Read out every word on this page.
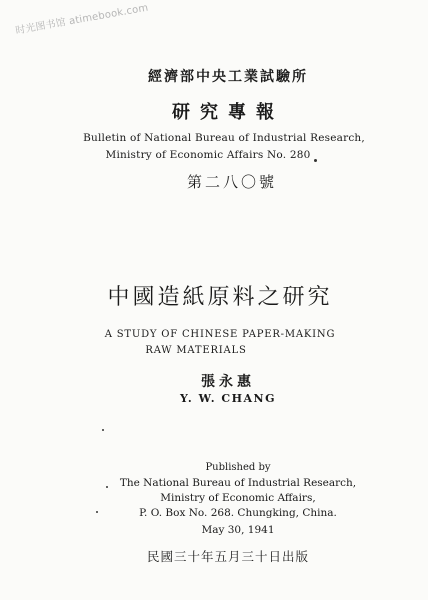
时光图书馆 atimebook.com
經濟部中央工業試驗所
研究專報
Bulletin of National Bureau of Industrial Research,
Ministry of Economic Affairs No. 280
第二八〇號
中國造紙原料之研究
A STUDY OF CHINESE PAPER-MAKING
RAW MATERIALS
張永惠
Y. W. CHANG
Published by
The National Bureau of Industrial Research,
Ministry of Economic Affairs,
P. O. Box No. 268. Chungking, China.
May 30, 1941
民國三十年五月三十日出版
